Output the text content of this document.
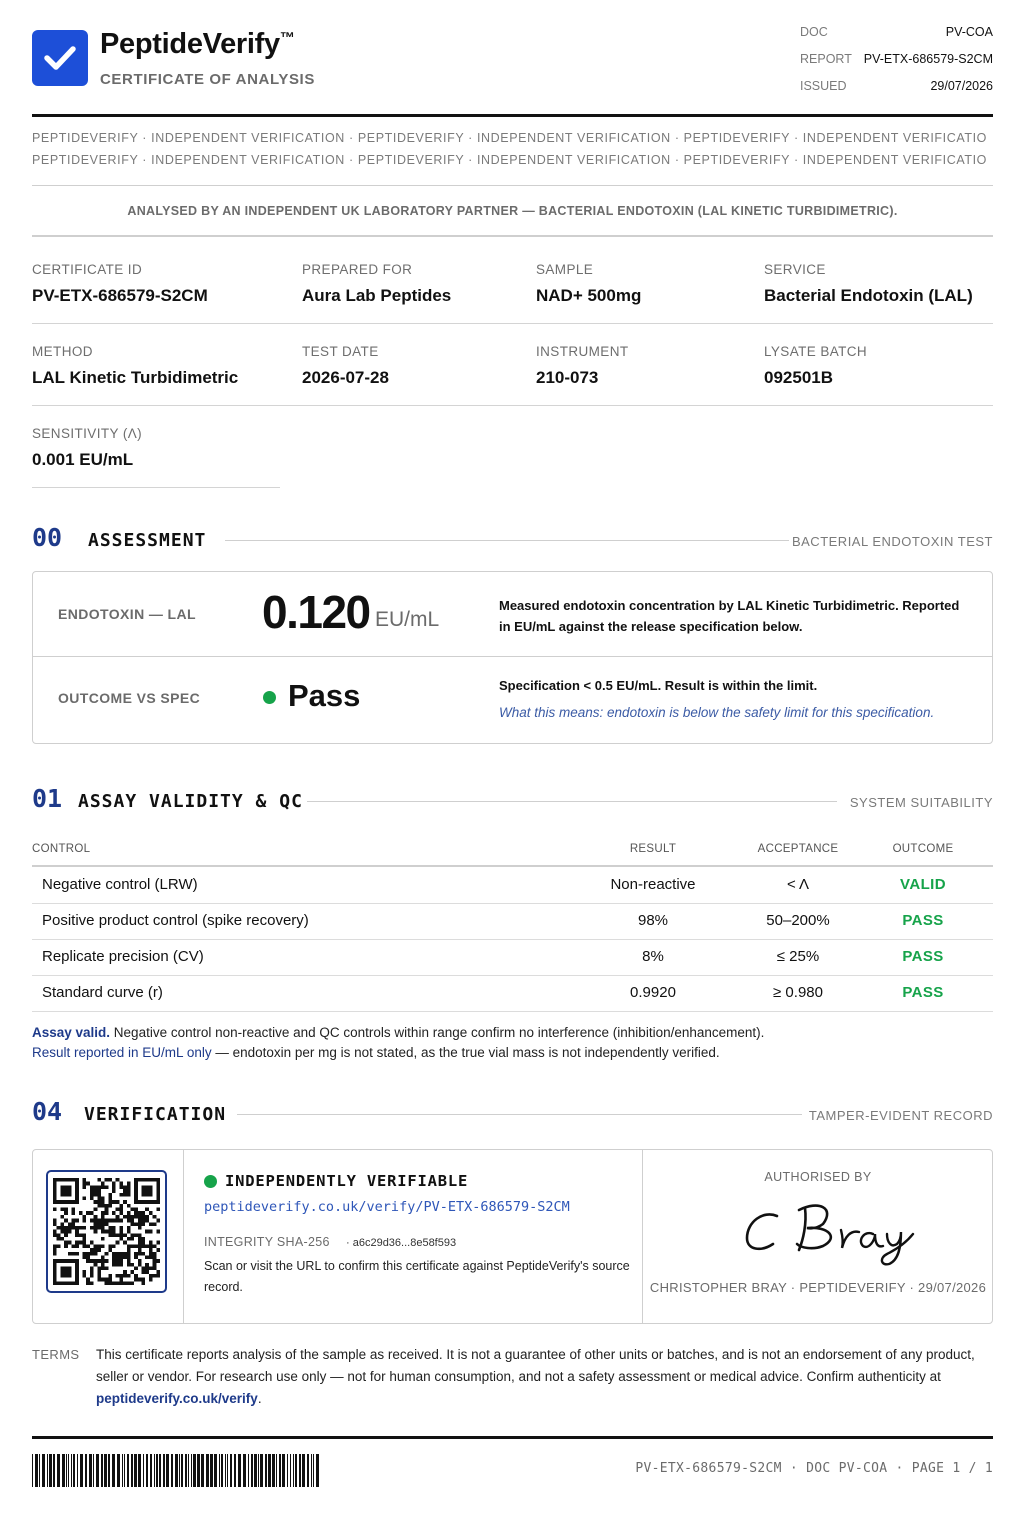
PeptideVerify™
CERTIFICATE OF ANALYSIS
DOC	PV-COA
REPORT PV-ETX-686579-S2CM
ISSUED	29/07/2026
PEPTIDEVERIFY · INDEPENDENT VERIFICATION · PEPTIDEVERIFY · INDEPENDENT VERIFICATION · PEPTIDEVERIFY · INDEPENDENT VERIFICATIO
PEPTIDEVERIFY · INDEPENDENT VERIFICATION · PEPTIDEVERIFY · INDEPENDENT VERIFICATION · PEPTIDEVERIFY · INDEPENDENT VERIFICATIO
ANALYSED BY AN INDEPENDENT UK LABORATORY PARTNER — BACTERIAL ENDOTOXIN (LAL KINETIC TURBIDIMETRIC).
CERTIFICATE ID
PV-ETX-686579-S2CM
PREPARED FOR
Aura Lab Peptides
SAMPLE
NAD+ 500mg
SERVICE
Bacterial Endotoxin (LAL)
METHOD
LAL Kinetic Turbidimetric
TEST DATE
2026-07-28
INSTRUMENT
210-073
LYSATE BATCH
092501B
SENSITIVITY (Λ)
0.001 EU/mL
00 ASSESSMENT	BACTERIAL ENDOTOXIN TEST
ENDOTOXIN — LAL 0.120 EU/mL
Measured endotoxin concentration by LAL Kinetic Turbidimetric. Reported in EU/mL against the release specification below.
OUTCOME VS SPEC	Pass	Specification < 0.5 EU/mL. Result is within the limit.
What this means: endotoxin is below the safety limit for this specification.
01 ASSAY VALIDITY & QC	SYSTEM SUITABILITY
CONTROL	RESULT	ACCEPTANCE	OUTCOME
Negative control (LRW)	Non-reactive	< Λ	VALID
Positive product control (spike recovery)	98%	50–200%	PASS
Replicate precision (CV)	8%	≤ 25%	PASS
Standard curve (r)	0.9920	≥ 0.980	PASS
Assay valid. Negative control non-reactive and QC controls within range confirm no interference (inhibition/enhancement).
Result reported in EU/mL only — endotoxin per mg is not stated, as the true vial mass is not independently verified.
04 VERIFICATION	TAMPER-EVIDENT RECORD
INDEPENDENTLY VERIFIABLE
peptideverify.co.uk/verify/PV-ETX-686579-S2CM
INTEGRITY SHA-256 · a6c29d36...8e58f593
Scan or visit the URL to confirm this certificate against PeptideVerify's source record.
AUTHORISED BY
CHRISTOPHER BRAY · PEPTIDEVERIFY · 29/07/2026
TERMS This certificate reports analysis of the sample as received. It is not a guarantee of other units or batches, and is not an endorsement of any product, seller or vendor. For research use only — not for human consumption, and not a safety assessment or medical advice. Confirm authenticity at peptideverify.co.uk/verify.
PV-ETX-686579-S2CM · DOC PV-COA · PAGE 1 / 1
